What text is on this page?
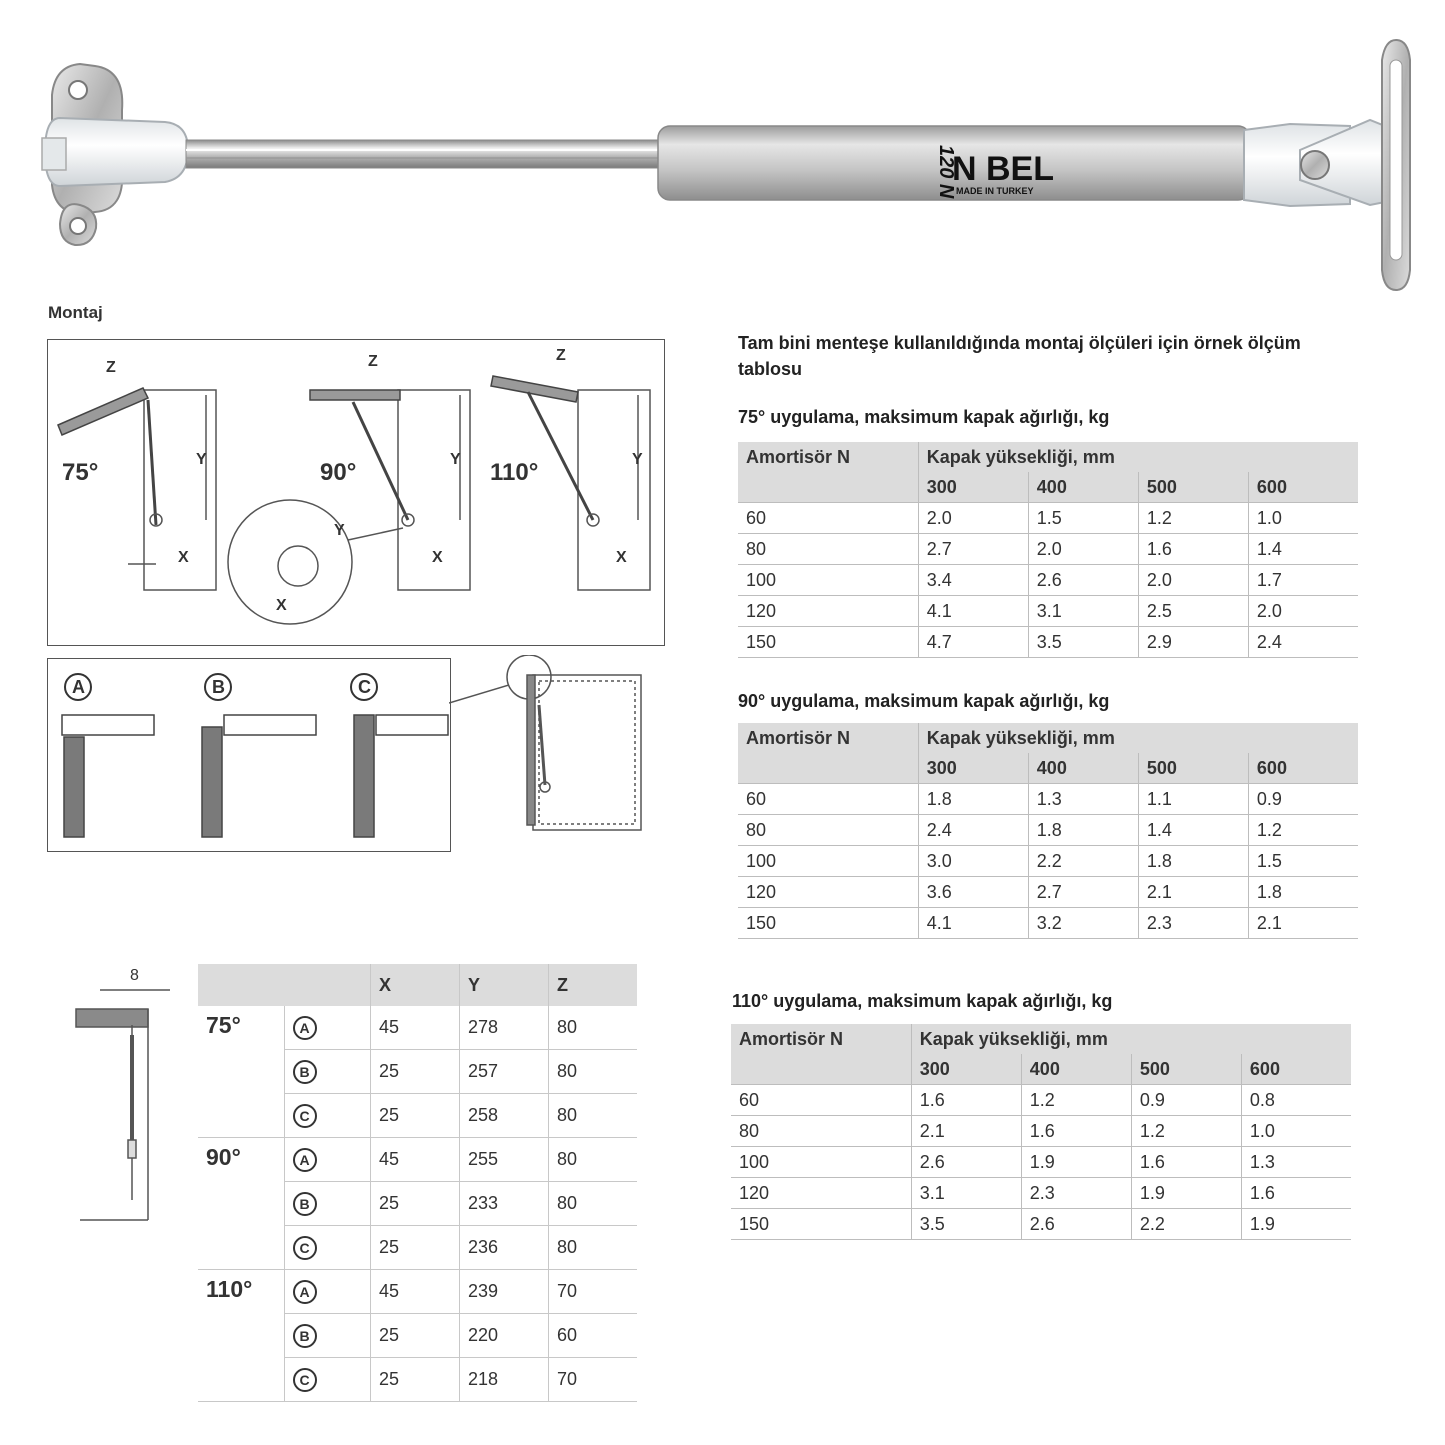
120 N
N BEL
MADE IN TURKEY
Montaj
75°	90°	110°
Z	Z	Z
Y	Y	Y
X	X	X
Y
X
A	B	C
8
			X	Y	Z
75°	A	45	278	80
	B	25	257	80
	C	25	258	80
90°	A	45	255	80
	B	25	233	80
	C	25	236	80
110°	A	45	239	70
	B	25	220	60
	C	25	218	70
Tam bini menteşe kullanıldığında montaj ölçüleri için örnek ölçüm tablosu
75° uygulama, maksimum kapak ağırlığı, kg
Amortisör N	Kapak yüksekliği, mm			
	300	400	500	600
60	2.0	1.5	1.2	1.0
80	2.7	2.0	1.6	1.4
100	3.4	2.6	2.0	1.7
120	4.1	3.1	2.5	2.0
150	4.7	3.5	2.9	2.4
90° uygulama, maksimum kapak ağırlığı, kg
Amortisör N	Kapak yüksekliği, mm			
	300	400	500	600
60	1.8	1.3	1.1	0.9
80	2.4	1.8	1.4	1.2
100	3.0	2.2	1.8	1.5
120	3.6	2.7	2.1	1.8
150	4.1	3.2	2.3	2.1
110° uygulama, maksimum kapak ağırlığı, kg
Amortisör N	Kapak yüksekliği, mm			
	300	400	500	600
60	1.6	1.2	0.9	0.8
80	2.1	1.6	1.2	1.0
100	2.6	1.9	1.6	1.3
120	3.1	2.3	1.9	1.6
150	3.5	2.6	2.2	1.9
